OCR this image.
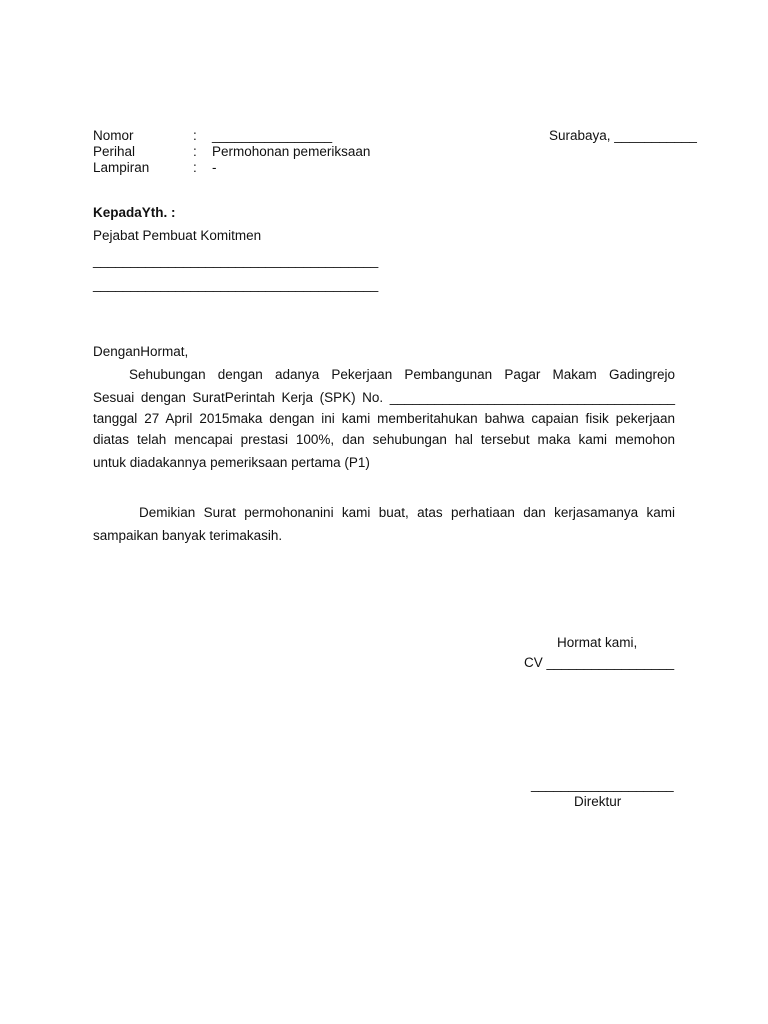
Nomor	: ________________
Perihal	: Permohonan pemeriksaan
Lampiran	: -
Surabaya, ___________
KepadaYth. :
Pejabat Pembuat Komitmen
______________________________________
______________________________________
DenganHormat,
Sehubungan dengan adanya Pekerjaan Pembangunan Pagar Makam Gadingrejo
Sesuai dengan SuratPerintah Kerja (SPK) No. ______________________________________
tanggal 27 April 2015maka dengan ini kami memberitahukan bahwa capaian fisik pekerjaan
diatas telah mencapai prestasi 100%, dan sehubungan hal tersebut maka kami memohon
untuk diadakannya pemeriksaan pertama (P1)
Demikian Surat permohonanini kami buat, atas perhatiaan dan kerjasamanya kami
sampaikan banyak terimakasih.
Hormat kami,
CV _________________
___________________
Direktur
